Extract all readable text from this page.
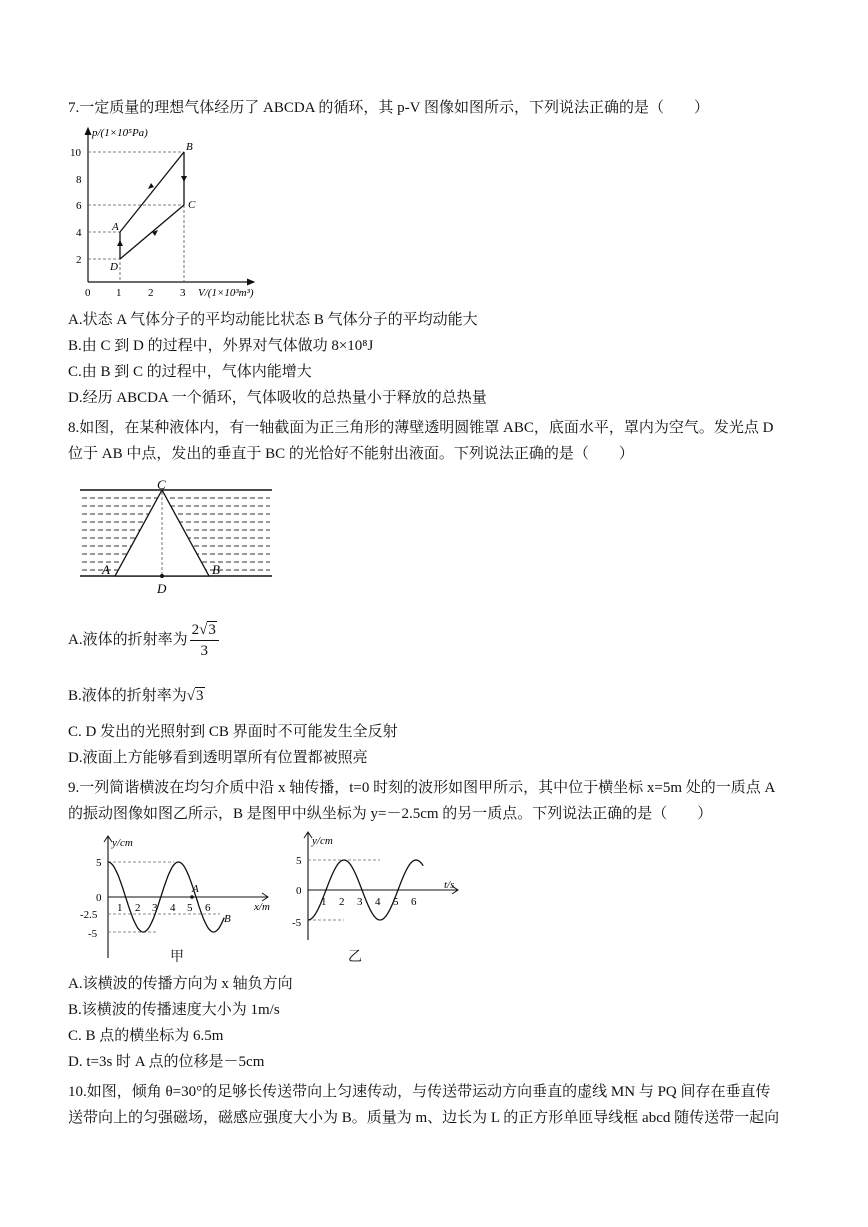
7.一定质量的理想气体经历了 ABCDA 的循环，其 p-V 图像如图所示，下列说法正确的是（　　）
p/(1×10⁵Pa)
V/(1×10³m³)
10
8
6
4
2
0 1 2 3
B
C
A
D
A.状态 A 气体分子的平均动能比状态 B 气体分子的平均动能大
B.由 C 到 D 的过程中，外界对气体做功 8×10⁸J
C.由 B 到 C 的过程中，气体内能增大
D.经历 ABCDA 一个循环，气体吸收的总热量小于释放的总热量
8.如图，在某种液体内，有一轴截面为正三角形的薄壁透明圆锥罩 ABC，底面水平，罩内为空气。发光点 D
位于 AB 中点，发出的垂直于 BC 的光恰好不能射出液面。下列说法正确的是（　　）
C
A	B
D
A.液体的折射率为 $\frac{2√3}{3}$
B.液体的折射率为√3
C. D 发出的光照射到 CB 界面时不可能发生全反射
D.液面上方能够看到透明罩所有位置都被照亮
9.一列简谐横波在均匀介质中沿 x 轴传播，t=0 时刻的波形如图甲所示，其中位于横坐标 x=5m 处的一质点 A
的振动图像如图乙所示，B 是图甲中纵坐标为 y=－2.5cm 的另一质点。下列说法正确的是（　　）
y/cm
x/m
5
0
-2.5
-5
1 2 3 4 5 6
A
B
甲
y/cm
t/s
5
0
-5
1 2 3 4 5 6
乙
A.该横波的传播方向为 x 轴负方向
B.该横波的传播速度大小为 1m/s
C. B 点的横坐标为 6.5m
D. t=3s 时 A 点的位移是－5cm
10.如图，倾角 θ=30°的足够长传送带向上匀速传动，与传送带运动方向垂直的虚线 MN 与 PQ 间存在垂直传
送带向上的匀强磁场，磁感应强度大小为 B。质量为 m、边长为 L 的正方形单匝导线框 abcd 随传送带一起向
